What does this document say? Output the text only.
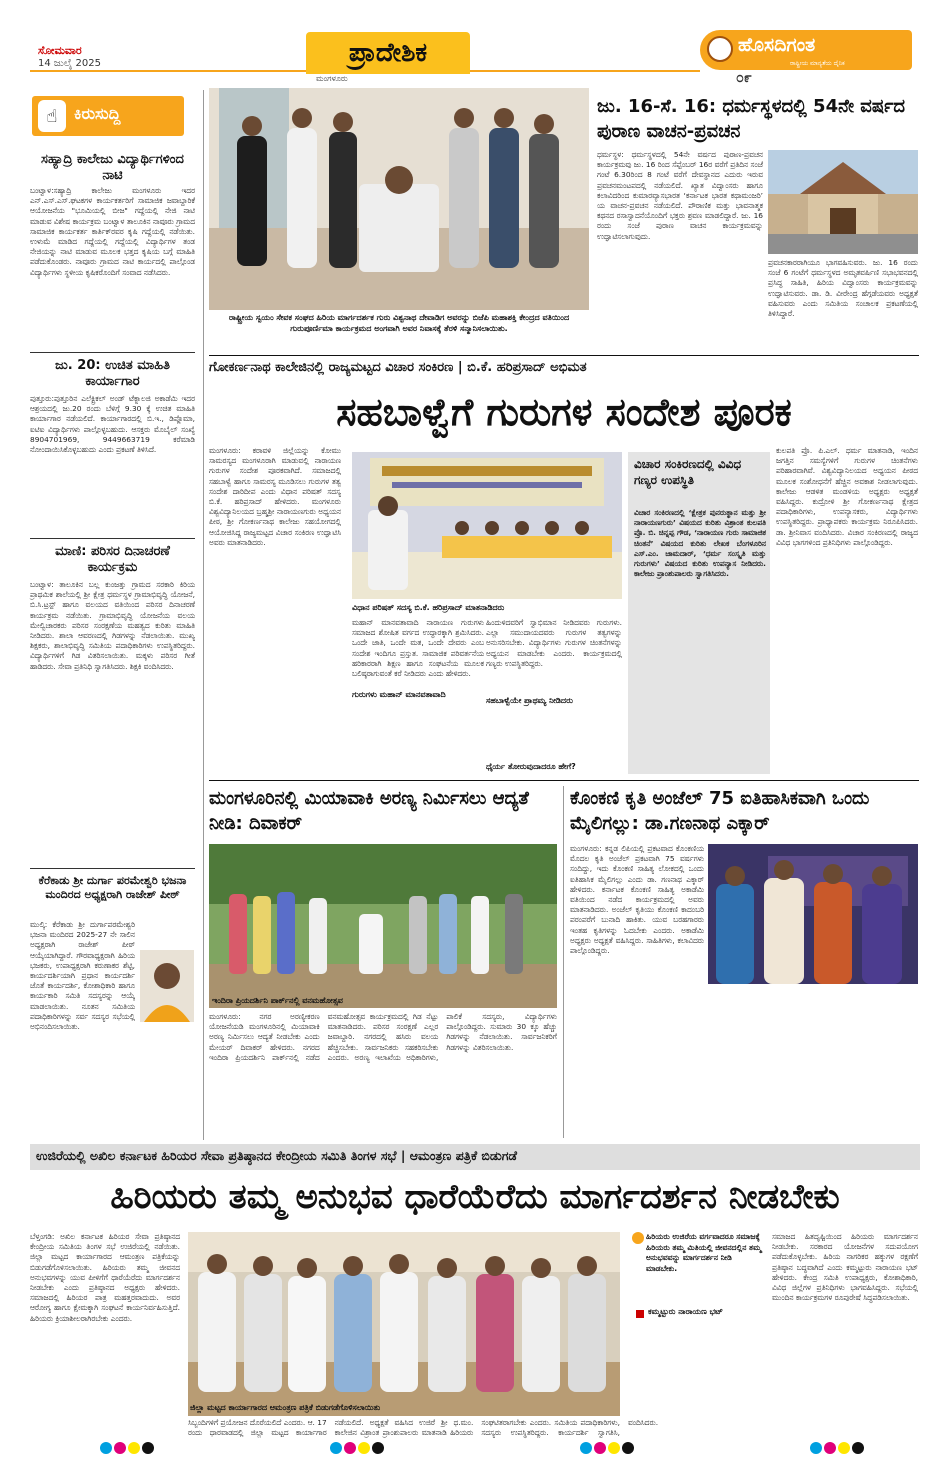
ಸೋಮವಾರ
14 ಜುಲೈ 2025
ಮಂಗಳೂರು
ಪ್ರಾದೇಶಿಕ	ಹೊಸದಿಗಂತ
ರಾಷ್ಟ್ರೀಯ ಮಾನ್ಯತೆಯ ದೈನಿಕ
೦೯
☝	ಕಿರುಸುದ್ದಿ
ಸಹ್ಯಾದ್ರಿ ಕಾಲೇಜು ವಿದ್ಯಾರ್ಥಿಗಳಿಂದ ನಾಟಿ
ಬಂಟ್ವಾಳ:ಸಹ್ಯಾದ್ರಿ ಕಾಲೇಜು ಮಂಗಳೂರು ಇದರ ಎನ್.ಎಸ್.ಎಸ್.ಘಟಕಗಳ ಕಾರ್ಯಕರ್ತರಿಗೆ ಸಾಮಾಜಿಕ ಜವಾಬ್ದಾರಿಕೆ ಆಯೋಜನೆಯ "ಭೂಮಿಯಲ್ಲಿ ಬೀಜ" ಗದ್ದೆಯಲ್ಲಿ ನೇಜಿ ನಾಟಿ ಮಾಡುವ ವಿಶೇಷ ಕಾರ್ಯಕ್ರಮ ಬಂಟ್ವಾಳ ತಾಲೂಕಿನ ನಾವೂರು ಗ್ರಾಮದ ಸಾಮಾಜಿಕ ಕಾರ್ಯಕರ್ತ ಕಾರ್ತಿಕ್‌ರವರ ಕೃಷಿ ಗದ್ದೆಯಲ್ಲಿ ನಡೆಯಿತು. ಉಳುಮೆ ಮಾಡಿದ ಗದ್ದೆಯಲ್ಲಿ ಗದ್ದೆಯಲ್ಲಿ ವಿದ್ಯಾರ್ಥಿಗಳ ತಂಡ ನೇಜಿಯನ್ನು ನಾಟಿ ಮಾಡುವ ಮೂಲಕ ಭತ್ತದ ಕೃಷಿಯ ಬಗ್ಗೆ ಮಾಹಿತಿ ಪಡೆದುಕೊಂಡರು. ನಾವೂರು ಗ್ರಾಮದ ನಾಟಿ ಕಾರ್ಯದಲ್ಲಿ ಪಾಲ್ಗೊಂಡ ವಿದ್ಯಾರ್ಥಿಗಳು ಸ್ಥಳೀಯ ಕೃಷಿಕರೊಂದಿಗೆ ಸಂವಾದ ನಡೆಸಿದರು.
ಜು. 20: ಉಚಿತ ಮಾಹಿತಿ ಕಾರ್ಯಾಗಾರ
ಪುತ್ತೂರು:ಪುತ್ತೂರಿನ ಎಲೆಕ್ಟ್ರಿಕಲ್ ಅಂಡ್ ಟೆಕ್ನಾಲಜಿ ಅಕಾಡೆಮಿ ಇದರ ಆಶ್ರಯದಲ್ಲಿ ಜು.20 ರಂದು ಬೆಳಿಗ್ಗೆ 9.30 ಕ್ಕೆ ಉಚಿತ ಮಾಹಿತಿ ಕಾರ್ಯಾಗಾರ ನಡೆಯಲಿದೆ. ಕಾರ್ಯಾಗಾರದಲ್ಲಿ ಬಿ.ಇ., ಡಿಪ್ಲೊಮಾ, ಐಟಿಐ ವಿದ್ಯಾರ್ಥಿಗಳು ಪಾಲ್ಗೊಳ್ಳಬಹುದು. ಆಸಕ್ತರು ಮೊಬೈಲ್ ಸಂಖ್ಯೆ 8904701969, 9449663719 ಕರೆಮಾಡಿ ನೋಂದಾಯಿಸಿಕೊಳ್ಳಬಹುದು ಎಂದು ಪ್ರಕಟಣೆ ತಿಳಿಸಿದೆ.
ಮಾಣಿ: ಪರಿಸರ ದಿನಾಚರಣೆ ಕಾರ್ಯಕ್ರಮ
ಬಂಟ್ವಾಳ: ತಾಲೂಕಿನ ಬಲ್ಲ ಕುಂಜತ್ತು ಗ್ರಾಮದ ಸರಕಾರಿ ಕಿರಿಯ ಪ್ರಾಥಮಿಕ ಶಾಲೆಯಲ್ಲಿ ಶ್ರೀ ಕ್ಷೇತ್ರ ಧರ್ಮಸ್ಥಳ ಗ್ರಾಮಾಭಿವೃದ್ಧಿ ಯೋಜನೆ, ಬಿ.ಸಿ.ಟ್ರಸ್ಟ್ ಹಾಗೂ ವಲಯದ ವತಿಯಿಂದ ಪರಿಸರ ದಿನಾಚರಣೆ ಕಾರ್ಯಕ್ರಮ ನಡೆಯಿತು. ಗ್ರಾಮಾಭಿವೃದ್ಧಿ ಯೋಜನೆಯ ವಲಯ ಮೇಲ್ವಿಚಾರಕರು ಪರಿಸರ ಸಂರಕ್ಷಣೆಯ ಮಹತ್ವದ ಕುರಿತು ಮಾಹಿತಿ ನೀಡಿದರು. ಶಾಲಾ ಆವರಣದಲ್ಲಿ ಗಿಡಗಳನ್ನು ನೆಡಲಾಯಿತು. ಮುಖ್ಯ ಶಿಕ್ಷಕರು, ಶಾಲಾಭಿವೃದ್ಧಿ ಸಮಿತಿಯ ಪದಾಧಿಕಾರಿಗಳು ಉಪಸ್ಥಿತರಿದ್ದರು. ವಿದ್ಯಾರ್ಥಿಗಳಿಗೆ ಗಿಡ ವಿತರಿಸಲಾಯಿತು. ಮಕ್ಕಳು ಪರಿಸರ ಗೀತೆ ಹಾಡಿದರು. ಸೇವಾ ಪ್ರತಿನಿಧಿ ಸ್ವಾಗತಿಸಿದರು. ಶಿಕ್ಷಕಿ ವಂದಿಸಿದರು.
ಕೆರೆಕಾಡು ಶ್ರೀ ದುರ್ಗಾ ಪರಮೇಶ್ವರಿ ಭಜನಾ ಮಂದಿರದ ಅಧ್ಯಕ್ಷರಾಗಿ ರಾಜೇಶ್ ಪೀಠ್
ಮುಲ್ಕಿ: ಕೆರೆಕಾಡು ಶ್ರೀ ದುರ್ಗಾಪರಮೇಶ್ವರಿ ಭಜನಾ ಮಂದಿರದ 2025-27 ನೇ ಸಾಲಿನ ಅಧ್ಯಕ್ಷರಾಗಿ ರಾಜೇಶ್ ಪೀಠ್ ಆಯ್ಕೆಯಾಗಿದ್ದಾರೆ. ಗೌರವಾಧ್ಯಕ್ಷರಾಗಿ ಹಿರಿಯ ಭಜಕರು, ಉಪಾಧ್ಯಕ್ಷರಾಗಿ ಕರುಣಾಕರ ಶೆಟ್ಟಿ, ಕಾರ್ಯದರ್ಶಿಯಾಗಿ ಪ್ರಧಾನ ಕಾರ್ಯದರ್ಶಿ ಜೊತೆ ಕಾರ್ಯದರ್ಶಿ, ಕೋಶಾಧಿಕಾರಿ ಹಾಗೂ ಕಾರ್ಯಕಾರಿ ಸಮಿತಿ ಸದಸ್ಯರನ್ನು ಆಯ್ಕೆ ಮಾಡಲಾಯಿತು. ನೂತನ ಸಮಿತಿಯ ಪದಾಧಿಕಾರಿಗಳನ್ನು ಸರ್ವ ಸದಸ್ಯರ ಸಭೆಯಲ್ಲಿ ಅಭಿನಂದಿಸಲಾಯಿತು.
ರಾಷ್ಟ್ರೀಯ ಸ್ವಯಂ ಸೇವಕ ಸಂಘದ ಹಿರಿಯ ಮಾರ್ಗದರ್ಶಕ ಗುರು ವಿಶ್ವನಾಥ ದೇವಾಡಿಗ ಅವರನ್ನು ಬಿಜೆಪಿ ಮಹಾಶಕ್ತಿ ಕೇಂದ್ರದ ವತಿಯಿಂದ ಗುರುಪೂರ್ಣಿಮಾ ಕಾರ್ಯಕ್ರಮದ ಅಂಗವಾಗಿ ಅವರ ನಿವಾಸಕ್ಕೆ ತೆರಳಿ ಸನ್ಮಾನಿಸಲಾಯಿತು.
ಜು. 16-ಸೆ. 16: ಧರ್ಮಸ್ಥಳದಲ್ಲಿ 54ನೇ ವರ್ಷದ ಪುರಾಣ ವಾಚನ-ಪ್ರವಚನ
ಧರ್ಮಸ್ಥಳ: ಧರ್ಮಸ್ಥಳದಲ್ಲಿ 54ನೇ ವರ್ಷದ ಪುರಾಣ-ಪ್ರವಚನ ಕಾರ್ಯಕ್ರಮವು ಜು. 16 ರಿಂದ ಸೆಪ್ಟೆಂಬರ್ 16ರ ವರೆಗೆ ಪ್ರತಿದಿನ ಸಂಜೆ ಗಂಟೆ 6.30ರಿಂದ 8 ಗಂಟೆ ವರೆಗೆ ದೇವಸ್ಥಾನದ ಎದುರು ಇರುವ ಪ್ರವಚನಮಂಟಪದಲ್ಲಿ ನಡೆಯಲಿದೆ. ಖ್ಯಾತ ವಿದ್ವಾಂಸರು ಹಾಗೂ ಕಲಾವಿದರಿಂದ ಕುಮಾರವ್ಯಾಸಭಾರತ ‘ಕರ್ನಾಟಕ ಭಾರತ ಕಥಾಮಂಜರಿ’ ಯ ವಾಚನ-ಪ್ರವಚನ ನಡೆಯಲಿದೆ. ಪೌರಾಣಿಕ ಮತ್ತು ಭಾವನಾತ್ಮಕ ಕಥನದ ರಸಾಸ್ವಾದನೆಯೊಂದಿಗೆ ಭಕ್ತರು ಶ್ರವಣ ಮಾಡಲಿದ್ದಾರೆ. ಜು. 16 ರಂದು ಸಂಜೆ ಪುರಾಣ ವಾಚನ ಕಾರ್ಯಕ್ರಮವನ್ನು ಉದ್ಘಾಟಿಸಲಾಗುವುದು.
ಪ್ರವಚನಕಾರರಾಗಿಯೂ ಭಾಗವಹಿಸುವರು. ಜು. 16 ರಂದು ಸಂಜೆ 6 ಗಂಟೆಗೆ ಧರ್ಮಸ್ಥಳದ ಅಮೃತವರ್ಷಿಣಿ ಸಭಾಭವನದಲ್ಲಿ ಪ್ರಸಿದ್ಧ ಸಾಹಿತಿ, ಹಿರಿಯ ವಿದ್ವಾಂಸರು ಕಾರ್ಯಕ್ರಮವನ್ನು ಉದ್ಘಾಟಿಸುವರು. ಡಾ. ಡಿ. ವೀರೇಂದ್ರ ಹೆಗ್ಗಡೆಯವರು ಅಧ್ಯಕ್ಷತೆ ವಹಿಸುವರು ಎಂದು ಸಮಿತಿಯ ಸಂಚಾಲಕ ಪ್ರಕಟಣೆಯಲ್ಲಿ ತಿಳಿಸಿದ್ದಾರೆ.
ಗೋಕರ್ಣನಾಥ ಕಾಲೇಜಿನಲ್ಲಿ ರಾಜ್ಯಮಟ್ಟದ ವಿಚಾರ ಸಂಕಿರಣ | ಬಿ.ಕೆ. ಹರಿಪ್ರಸಾದ್ ಅಭಿಮತ
ಸಹಬಾಳ್ವೆಗೆ ಗುರುಗಳ ಸಂದೇಶ ಪೂರಕ
ಮಂಗಳೂರು: ಕರಾವಳಿ ಜಿಲ್ಲೆಯನ್ನು ಕೋಮು ಸಾಮರಸ್ಯದ ಮಂಗಳೂರಾಗಿ ಮಾಡುವಲ್ಲಿ ನಾರಾಯಣ ಗುರುಗಳ ಸಂದೇಶ ಪೂರಕವಾಗಿದೆ. ಸಮಾಜದಲ್ಲಿ ಸಹಬಾಳ್ವೆ ಹಾಗೂ ಸಾಮರಸ್ಯ ಮೂಡಿಸಲು ಗುರುಗಳ ತತ್ವ ಸಂದೇಶ ದಾರಿದೀಪ ಎಂದು ವಿಧಾನ ಪರಿಷತ್ ಸದಸ್ಯ ಬಿ.ಕೆ. ಹರಿಪ್ರಸಾದ್ ಹೇಳಿದರು. ಮಂಗಳೂರು ವಿಶ್ವವಿದ್ಯಾನಿಲಯದ ಬ್ರಹ್ಮಶ್ರೀ ನಾರಾಯಣಗುರು ಅಧ್ಯಯನ ಪೀಠ, ಶ್ರೀ ಗೋಕರ್ಣನಾಥ ಕಾಲೇಜು ಸಹಯೋಗದಲ್ಲಿ ಆಯೋಜಿಸಿದ್ದ ರಾಜ್ಯಮಟ್ಟದ ವಿಚಾರ ಸಂಕಿರಣ ಉದ್ಘಾಟಿಸಿ ಅವರು ಮಾತನಾಡಿದರು.
ವಿಧಾನ ಪರಿಷತ್ ಸದಸ್ಯ ಬಿ.ಕೆ. ಹರಿಪ್ರಸಾದ್ ಮಾತನಾಡಿದರು
ಮಹಾನ್ ಮಾನವತಾವಾದಿ ನಾರಾಯಣ ಗುರುಗಳು ಸಮಾಜದ ಶೋಷಿತ ವರ್ಗದ ಉದ್ಧಾರಕ್ಕಾಗಿ ಶ್ರಮಿಸಿದರು. ಒಂದೇ ಜಾತಿ, ಒಂದೇ ಮತ, ಒಂದೇ ದೇವರು ಎಂಬ ಸಂದೇಶ ಇಂದಿಗೂ ಪ್ರಸ್ತುತ. ಸಾಮಾಜಿಕ ಪರಿವರ್ತನೆಯ ಹರಿಕಾರರಾಗಿ ಶಿಕ್ಷಣ ಹಾಗೂ ಸಂಘಟನೆಯ ಮೂಲಕ ಬಲಿಷ್ಠರಾಗುವಂತೆ ಕರೆ ನೀಡಿದರು ಎಂದು ಹೇಳಿದರು.
ಗುರುಗಳು ಮಹಾನ್ ಮಾನವತಾವಾದಿ
ಸಹಬಾಳ್ವೆಯೇ ಪ್ರಾಥಮ್ಯ ನೀಡಿದರು
ಹಿಂದುಳಿದವರಿಗೆ ಸ್ವಾಭಿಮಾನ ನೀಡಿದವರು ಗುರುಗಳು. ಎಲ್ಲಾ ಸಮುದಾಯದವರು ಗುರುಗಳ ತತ್ವಗಳನ್ನು ಅನುಸರಿಸಬೇಕು. ವಿದ್ಯಾರ್ಥಿಗಳು ಗುರುಗಳ ಚಿಂತನೆಗಳನ್ನು ಅಧ್ಯಯನ ಮಾಡಬೇಕು ಎಂದರು. ಕಾರ್ಯಕ್ರಮದಲ್ಲಿ ಗಣ್ಯರು ಉಪಸ್ಥಿತರಿದ್ದರು.
ಧೈರ್ಯ ತೋರುವುದಾದರೂ ಹೇಗೆ?
ವಿಚಾರ ಸಂಕಿರಣದಲ್ಲಿ ವಿವಿಧ ಗಣ್ಯರ ಉಪಸ್ಥಿತಿ
ವಿಚಾರ ಸಂಕಿರಣದಲ್ಲಿ ‘ಕ್ಷೇತ್ರಕ ಪುನರುತ್ಥಾನ ಮತ್ತು ಶ್ರೀ ನಾರಾಯಣಗುರು’ ವಿಷಯದ ಕುರಿತು ವಿಶ್ರಾಂತ ಕುಲಪತಿ ಪ್ರೊ. ಬಿ. ಚಿನ್ನಪ್ಪ ಗೌಡ, ‘ನಾರಾಯಣ ಗುರು ಸಾಮಾಜಿಕ ಚಿಂತನೆ’ ವಿಷಯದ ಕುರಿತು ಲೇಖಕ ಬೆಂಗಳೂರಿನ ಎಸ್.ಎಂ. ಜಾಮದಾರ್, ‘ಧರ್ಮ ಸಂಸ್ಕೃತಿ ಮತ್ತು ಗುರುಗಳು’ ವಿಷಯದ ಕುರಿತು ಉಪನ್ಯಾಸ ನೀಡಿದರು. ಕಾಲೇಜು ಪ್ರಾಂಶುಪಾಲರು ಸ್ವಾಗತಿಸಿದರು.
ಕುಲಪತಿ ಪ್ರೊ. ಪಿ.ಎಲ್. ಧರ್ಮ ಮಾತನಾಡಿ, ಇಂದಿನ ಜಗತ್ತಿನ ಸಮಸ್ಯೆಗಳಿಗೆ ಗುರುಗಳ ಚಿಂತನೆಗಳು ಪರಿಹಾರವಾಗಿವೆ. ವಿಶ್ವವಿದ್ಯಾನಿಲಯದ ಅಧ್ಯಯನ ಪೀಠದ ಮೂಲಕ ಸಂಶೋಧನೆಗೆ ಹೆಚ್ಚಿನ ಅವಕಾಶ ನೀಡಲಾಗುವುದು. ಕಾಲೇಜು ಆಡಳಿತ ಮಂಡಳಿಯ ಅಧ್ಯಕ್ಷರು ಅಧ್ಯಕ್ಷತೆ ವಹಿಸಿದ್ದರು. ಕುದ್ರೋಳಿ ಶ್ರೀ ಗೋಕರ್ಣನಾಥ ಕ್ಷೇತ್ರದ ಪದಾಧಿಕಾರಿಗಳು, ಉಪನ್ಯಾಸಕರು, ವಿದ್ಯಾರ್ಥಿಗಳು ಉಪಸ್ಥಿತರಿದ್ದರು. ಪ್ರಾಧ್ಯಾಪಕರು ಕಾರ್ಯಕ್ರಮ ನಿರೂಪಿಸಿದರು. ಡಾ. ಶ್ರೀನಿವಾಸ ವಂದಿಸಿದರು. ವಿಚಾರ ಸಂಕಿರಣದಲ್ಲಿ ರಾಜ್ಯದ ವಿವಿಧ ಭಾಗಗಳಿಂದ ಪ್ರತಿನಿಧಿಗಳು ಪಾಲ್ಗೊಂಡಿದ್ದರು.
ಮಂಗಳೂರಿನಲ್ಲಿ ಮಿಯಾವಾಕಿ ಅರಣ್ಯ ನಿರ್ಮಿಸಲು ಆದ್ಯತೆ ನೀಡಿ: ದಿವಾಕರ್
ಇಂದಿರಾ ಪ್ರಿಯದರ್ಶಿನಿ ಪಾರ್ಕ್‌ನಲ್ಲಿ ವನಮಹೋತ್ಸವ
ಮಂಗಳೂರು: ನಗರ ಅರಣ್ಯೀಕರಣ ಯೋಜನೆಯಡಿ ಮಂಗಳೂರಿನಲ್ಲಿ ಮಿಯಾವಾಕಿ ಅರಣ್ಯ ನಿರ್ಮಿಸಲು ಆದ್ಯತೆ ನೀಡಬೇಕು ಎಂದು ಮೇಯರ್ ದಿವಾಕರ್ ಹೇಳಿದರು. ನಗರದ ಇಂದಿರಾ ಪ್ರಿಯದರ್ಶಿನಿ ಪಾರ್ಕ್‌ನಲ್ಲಿ ನಡೆದ ವನಮಹೋತ್ಸವ ಕಾರ್ಯಕ್ರಮದಲ್ಲಿ ಗಿಡ ನೆಟ್ಟು ಮಾತನಾಡಿದರು. ಪರಿಸರ ಸಂರಕ್ಷಣೆ ಎಲ್ಲರ ಜವಾಬ್ದಾರಿ. ನಗರದಲ್ಲಿ ಹಸಿರು ವಲಯ ಹೆಚ್ಚಿಸಬೇಕು. ಸಾರ್ವಜನಿಕರು ಸಹಕರಿಸಬೇಕು ಎಂದರು. ಅರಣ್ಯ ಇಲಾಖೆಯ ಅಧಿಕಾರಿಗಳು, ಪಾಲಿಕೆ ಸದಸ್ಯರು, ವಿದ್ಯಾರ್ಥಿಗಳು ಪಾಲ್ಗೊಂಡಿದ್ದರು. ಸುಮಾರು 30 ಕ್ಕೂ ಹೆಚ್ಚು ಗಿಡಗಳನ್ನು ನೆಡಲಾಯಿತು. ಸಾರ್ವಜನಿಕರಿಗೆ ಗಿಡಗಳನ್ನು ವಿತರಿಸಲಾಯಿತು.
ಕೊಂಕಣಿ ಕೃತಿ ಅಂಜೆಲ್ 75 ಐತಿಹಾಸಿಕವಾಗಿ ಒಂದು ಮೈಲಿಗಲ್ಲು: ಡಾ.ಗಣನಾಥ ಎಕ್ಕಾರ್
ಮಂಗಳೂರು: ಕನ್ನಡ ಲಿಪಿಯಲ್ಲಿ ಪ್ರಕಟವಾದ ಕೊಂಕಣಿಯ ಮೊದಲ ಕೃತಿ ಅಂಜೆಲ್ ಪ್ರಕಟವಾಗಿ 75 ವರ್ಷಗಳು ಸಂದಿದ್ದು, ಇದು ಕೊಂಕಣಿ ಸಾಹಿತ್ಯ ಲೋಕದಲ್ಲಿ ಒಂದು ಐತಿಹಾಸಿಕ ಮೈಲಿಗಲ್ಲು ಎಂದು ಡಾ. ಗಣನಾಥ ಎಕ್ಕಾರ್ ಹೇಳಿದರು. ಕರ್ನಾಟಕ ಕೊಂಕಣಿ ಸಾಹಿತ್ಯ ಅಕಾಡೆಮಿ ವತಿಯಿಂದ ನಡೆದ ಕಾರ್ಯಕ್ರಮದಲ್ಲಿ ಅವರು ಮಾತನಾಡಿದರು. ಅಂಜೆಲ್ ಕೃತಿಯು ಕೊಂಕಣಿ ಕಾದಂಬರಿ ಪರಂಪರೆಗೆ ಬುನಾದಿ ಹಾಕಿತು. ಯುವ ಬರಹಗಾರರು ಇಂತಹ ಕೃತಿಗಳನ್ನು ಓದಬೇಕು ಎಂದರು. ಅಕಾಡೆಮಿ ಅಧ್ಯಕ್ಷರು ಅಧ್ಯಕ್ಷತೆ ವಹಿಸಿದ್ದರು. ಸಾಹಿತಿಗಳು, ಕಲಾವಿದರು ಪಾಲ್ಗೊಂಡಿದ್ದರು.
ಉಜಿರೆಯಲ್ಲಿ ಅಖಿಲ ಕರ್ನಾಟಕ ಹಿರಿಯರ ಸೇವಾ ಪ್ರತಿಷ್ಠಾನದ ಕೇಂದ್ರೀಯ ಸಮಿತಿ ತಿಂಗಳ ಸಭೆ | ಆಮಂತ್ರಣ ಪತ್ರಿಕೆ ಬಿಡುಗಡೆ
ಹಿರಿಯರು ತಮ್ಮ ಅನುಭವ ಧಾರೆಯೆರೆದು ಮಾರ್ಗದರ್ಶನ ನೀಡಬೇಕು
ಬೆಳ್ತಂಗಡಿ: ಅಖಿಲ ಕರ್ನಾಟಕ ಹಿರಿಯರ ಸೇವಾ ಪ್ರತಿಷ್ಠಾನದ ಕೇಂದ್ರೀಯ ಸಮಿತಿಯ ತಿಂಗಳ ಸಭೆ ಉಜಿರೆಯಲ್ಲಿ ನಡೆಯಿತು. ಜಿಲ್ಲಾ ಮಟ್ಟದ ಕಾರ್ಯಾಗಾರದ ಆಮಂತ್ರಣ ಪತ್ರಿಕೆಯನ್ನು ಬಿಡುಗಡೆಗೊಳಿಸಲಾಯಿತು. ಹಿರಿಯರು ತಮ್ಮ ಜೀವನದ ಅನುಭವಗಳನ್ನು ಯುವ ಪೀಳಿಗೆಗೆ ಧಾರೆಯೆರೆದು ಮಾರ್ಗದರ್ಶನ ನೀಡಬೇಕು ಎಂದು ಪ್ರತಿಷ್ಠಾನದ ಅಧ್ಯಕ್ಷರು ಹೇಳಿದರು. ಸಮಾಜದಲ್ಲಿ ಹಿರಿಯರ ಪಾತ್ರ ಮಹತ್ತರವಾದುದು. ಅವರ ಆರೋಗ್ಯ ಹಾಗೂ ಕ್ಷೇಮಕ್ಕಾಗಿ ಸಂಘಟನೆ ಕಾರ್ಯನಿರ್ವಹಿಸುತ್ತಿದೆ. ಹಿರಿಯರು ಕ್ರಿಯಾಶೀಲರಾಗಿರಬೇಕು ಎಂದರು.
ಜಿಲ್ಲಾ ಮಟ್ಟದ ಕಾರ್ಯಾಗಾರದ ಆಮಂತ್ರಣ ಪತ್ರಿಕೆ ಬಿಡುಗಡೆಗೊಳಿಸಲಾಯಿತು
ಸಿಬ್ಬಂದಿಗಳಿಗೆ ಪ್ರಯೋಜನ ದೊರೆಯಲಿದೆ ಎಂದರು. ಆ. 17 ರಂದು ಧಾರವಾಡದಲ್ಲಿ ಜಿಲ್ಲಾ ಮಟ್ಟದ ಕಾರ್ಯಾಗಾರ ನಡೆಯಲಿದೆ. ಅಧ್ಯಕ್ಷತೆ ವಹಿಸಿದ ಉಜಿರೆ ಶ್ರೀ ಧ.ಮಂ. ಕಾಲೇಜಿನ ವಿಶ್ರಾಂತ ಪ್ರಾಂಶುಪಾಲರು ಮಾತನಾಡಿ ಹಿರಿಯರು ಸಂಘಟಿತರಾಗಬೇಕು ಎಂದರು. ಸಮಿತಿಯ ಪದಾಧಿಕಾರಿಗಳು, ಸದಸ್ಯರು ಉಪಸ್ಥಿತರಿದ್ದರು. ಕಾರ್ಯದರ್ಶಿ ಸ್ವಾಗತಿಸಿ, ವಂದಿಸಿದರು.
ಹಿರಿಯರು ಉಜಿರೆಯ ವರ್ಗವಾದರೂ ಸಮಾಜಕ್ಕೆ ಹಿರಿಯರು ತಮ್ಮ ಮಿತಿಯಲ್ಲಿ ಜೀವನದಲ್ಲಿನ ತಮ್ಮ ಅನುಭವವನ್ನು ಮಾರ್ಗದರ್ಶನ ನೀಡಿ ಮಾಡಬೇಕು.
ಕಮ್ಮಟ್ಟುರು ನಾರಾಯಣ ಭಟ್
ಸಮಾಜದ ಹಿತದೃಷ್ಟಿಯಿಂದ ಹಿರಿಯರು ಮಾರ್ಗದರ್ಶನ ನೀಡಬೇಕು. ಸರಕಾರದ ಯೋಜನೆಗಳ ಸದುಪಯೋಗ ಪಡೆದುಕೊಳ್ಳಬೇಕು. ಹಿರಿಯ ನಾಗರಿಕರ ಹಕ್ಕುಗಳ ರಕ್ಷಣೆಗೆ ಪ್ರತಿಷ್ಠಾನ ಬದ್ಧವಾಗಿದೆ ಎಂದು ಕಮ್ಮಟ್ಟುರು ನಾರಾಯಣ ಭಟ್ ಹೇಳಿದರು. ಕೇಂದ್ರ ಸಮಿತಿ ಉಪಾಧ್ಯಕ್ಷರು, ಕೋಶಾಧಿಕಾರಿ, ವಿವಿಧ ಜಿಲ್ಲೆಗಳ ಪ್ರತಿನಿಧಿಗಳು ಭಾಗವಹಿಸಿದ್ದರು. ಸಭೆಯಲ್ಲಿ ಮುಂದಿನ ಕಾರ್ಯಕ್ರಮಗಳ ರೂಪುರೇಷೆ ಸಿದ್ಧಪಡಿಸಲಾಯಿತು.
